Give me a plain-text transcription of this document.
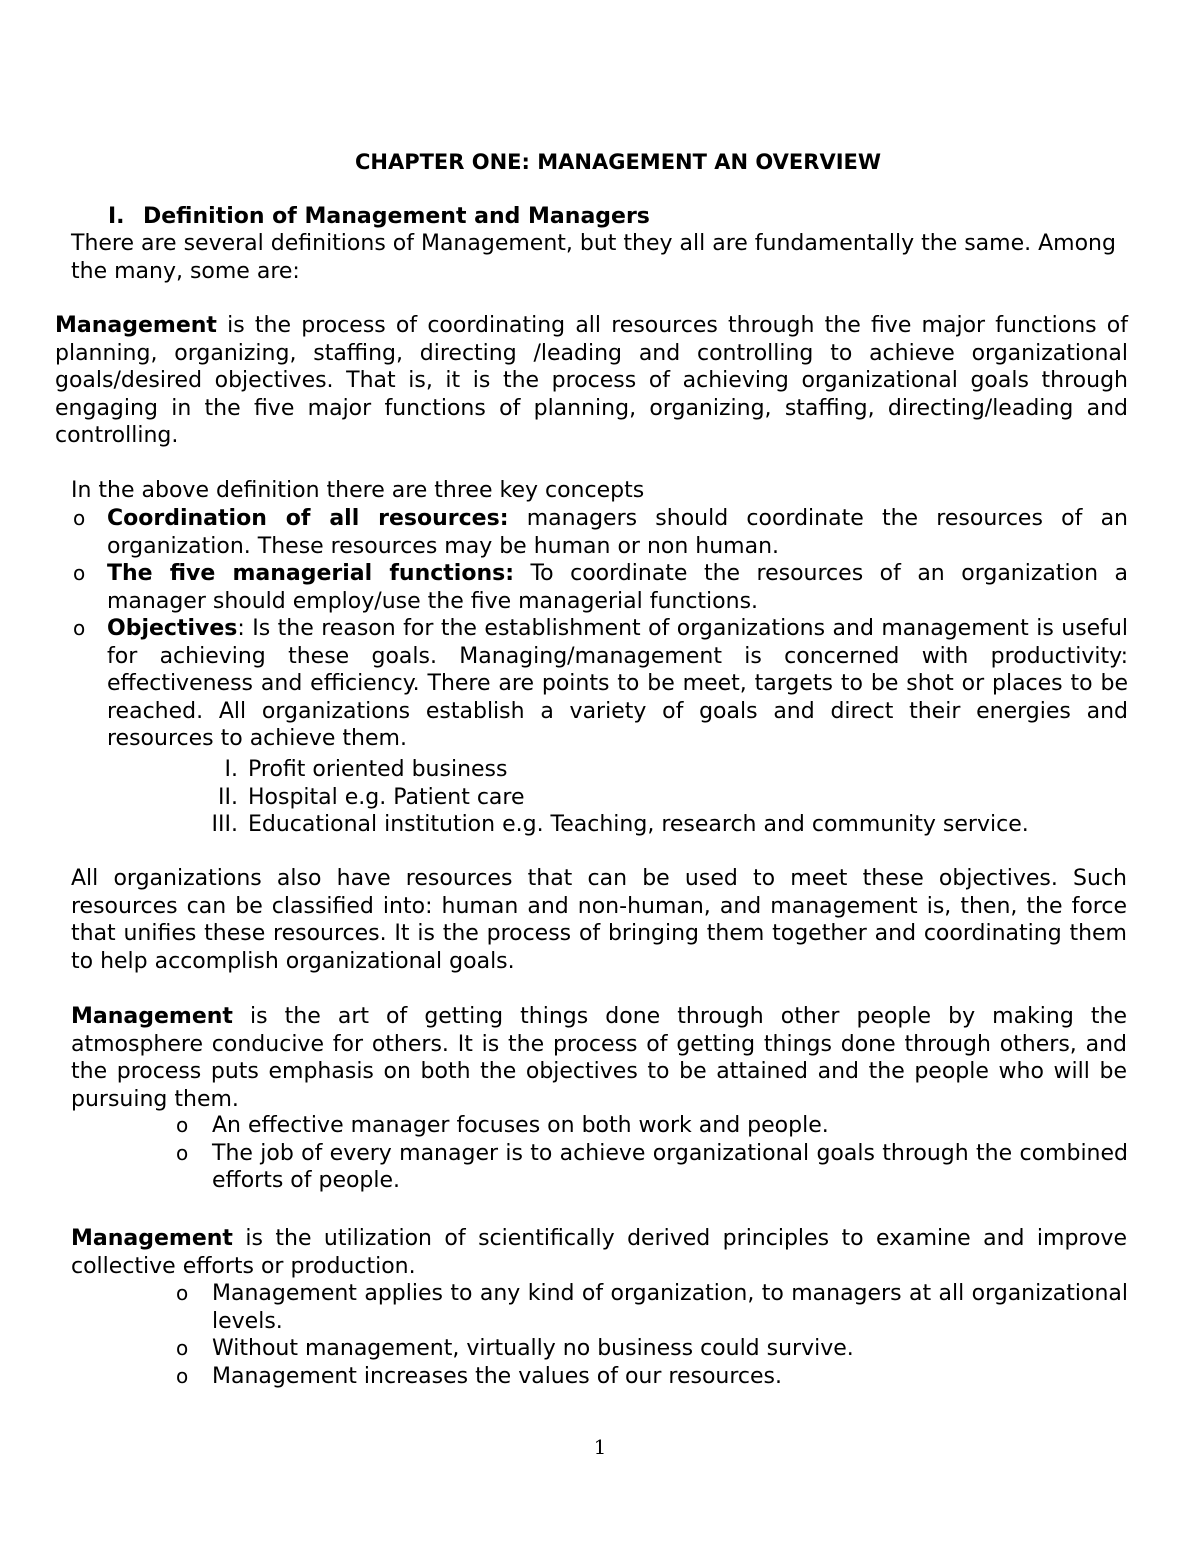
CHAPTER ONE: MANAGEMENT AN OVERVIEW
I. Definition of Management and Managers

There are several definitions of Management, but they all are fundamentally the same. Among the many, some are:

Management is the process of coordinating all resources through the five major functions of planning, organizing, staffing, directing /leading and controlling to achieve organizational goals/desired objectives. That is, it is the process of achieving organizational goals through engaging in the five major functions of planning, organizing, staffing, directing/leading and controlling.

In the above definition there are three key concepts

o Coordination of all resources: managers should coordinate the resources of an organization. These resources may be human or non human.
o The five managerial functions: To coordinate the resources of an organization a manager should employ/use the five managerial functions.
o Objectives: Is the reason for the establishment of organizations and management is useful for achieving these goals. Managing/management is concerned with productivity: effectiveness and efficiency. There are points to be meet, targets to be shot or places to be reached. All organizations establish a variety of goals and direct their energies and resources to achieve them.
I. Profit oriented business
II. Hospital e.g. Patient care
III. Educational institution e.g. Teaching, research and community service.

All organizations also have resources that can be used to meet these objectives. Such resources can be classified into: human and non-human, and management is, then, the force that unifies these resources. It is the process of bringing them together and coordinating them to help accomplish organizational goals.

Management is the art of getting things done through other people by making the atmosphere conducive for others. It is the process of getting things done through others, and the process puts emphasis on both the objectives to be attained and the people who will be pursuing them.

o An effective manager focuses on both work and people.
o The job of every manager is to achieve organizational goals through the combined efforts of people.

Management is the utilization of scientifically derived principles to examine and improve collective efforts or production.

o Management applies to any kind of organization, to managers at all organizational levels.
o Without management, virtually no business could survive.
o Management increases the values of our resources.
1
